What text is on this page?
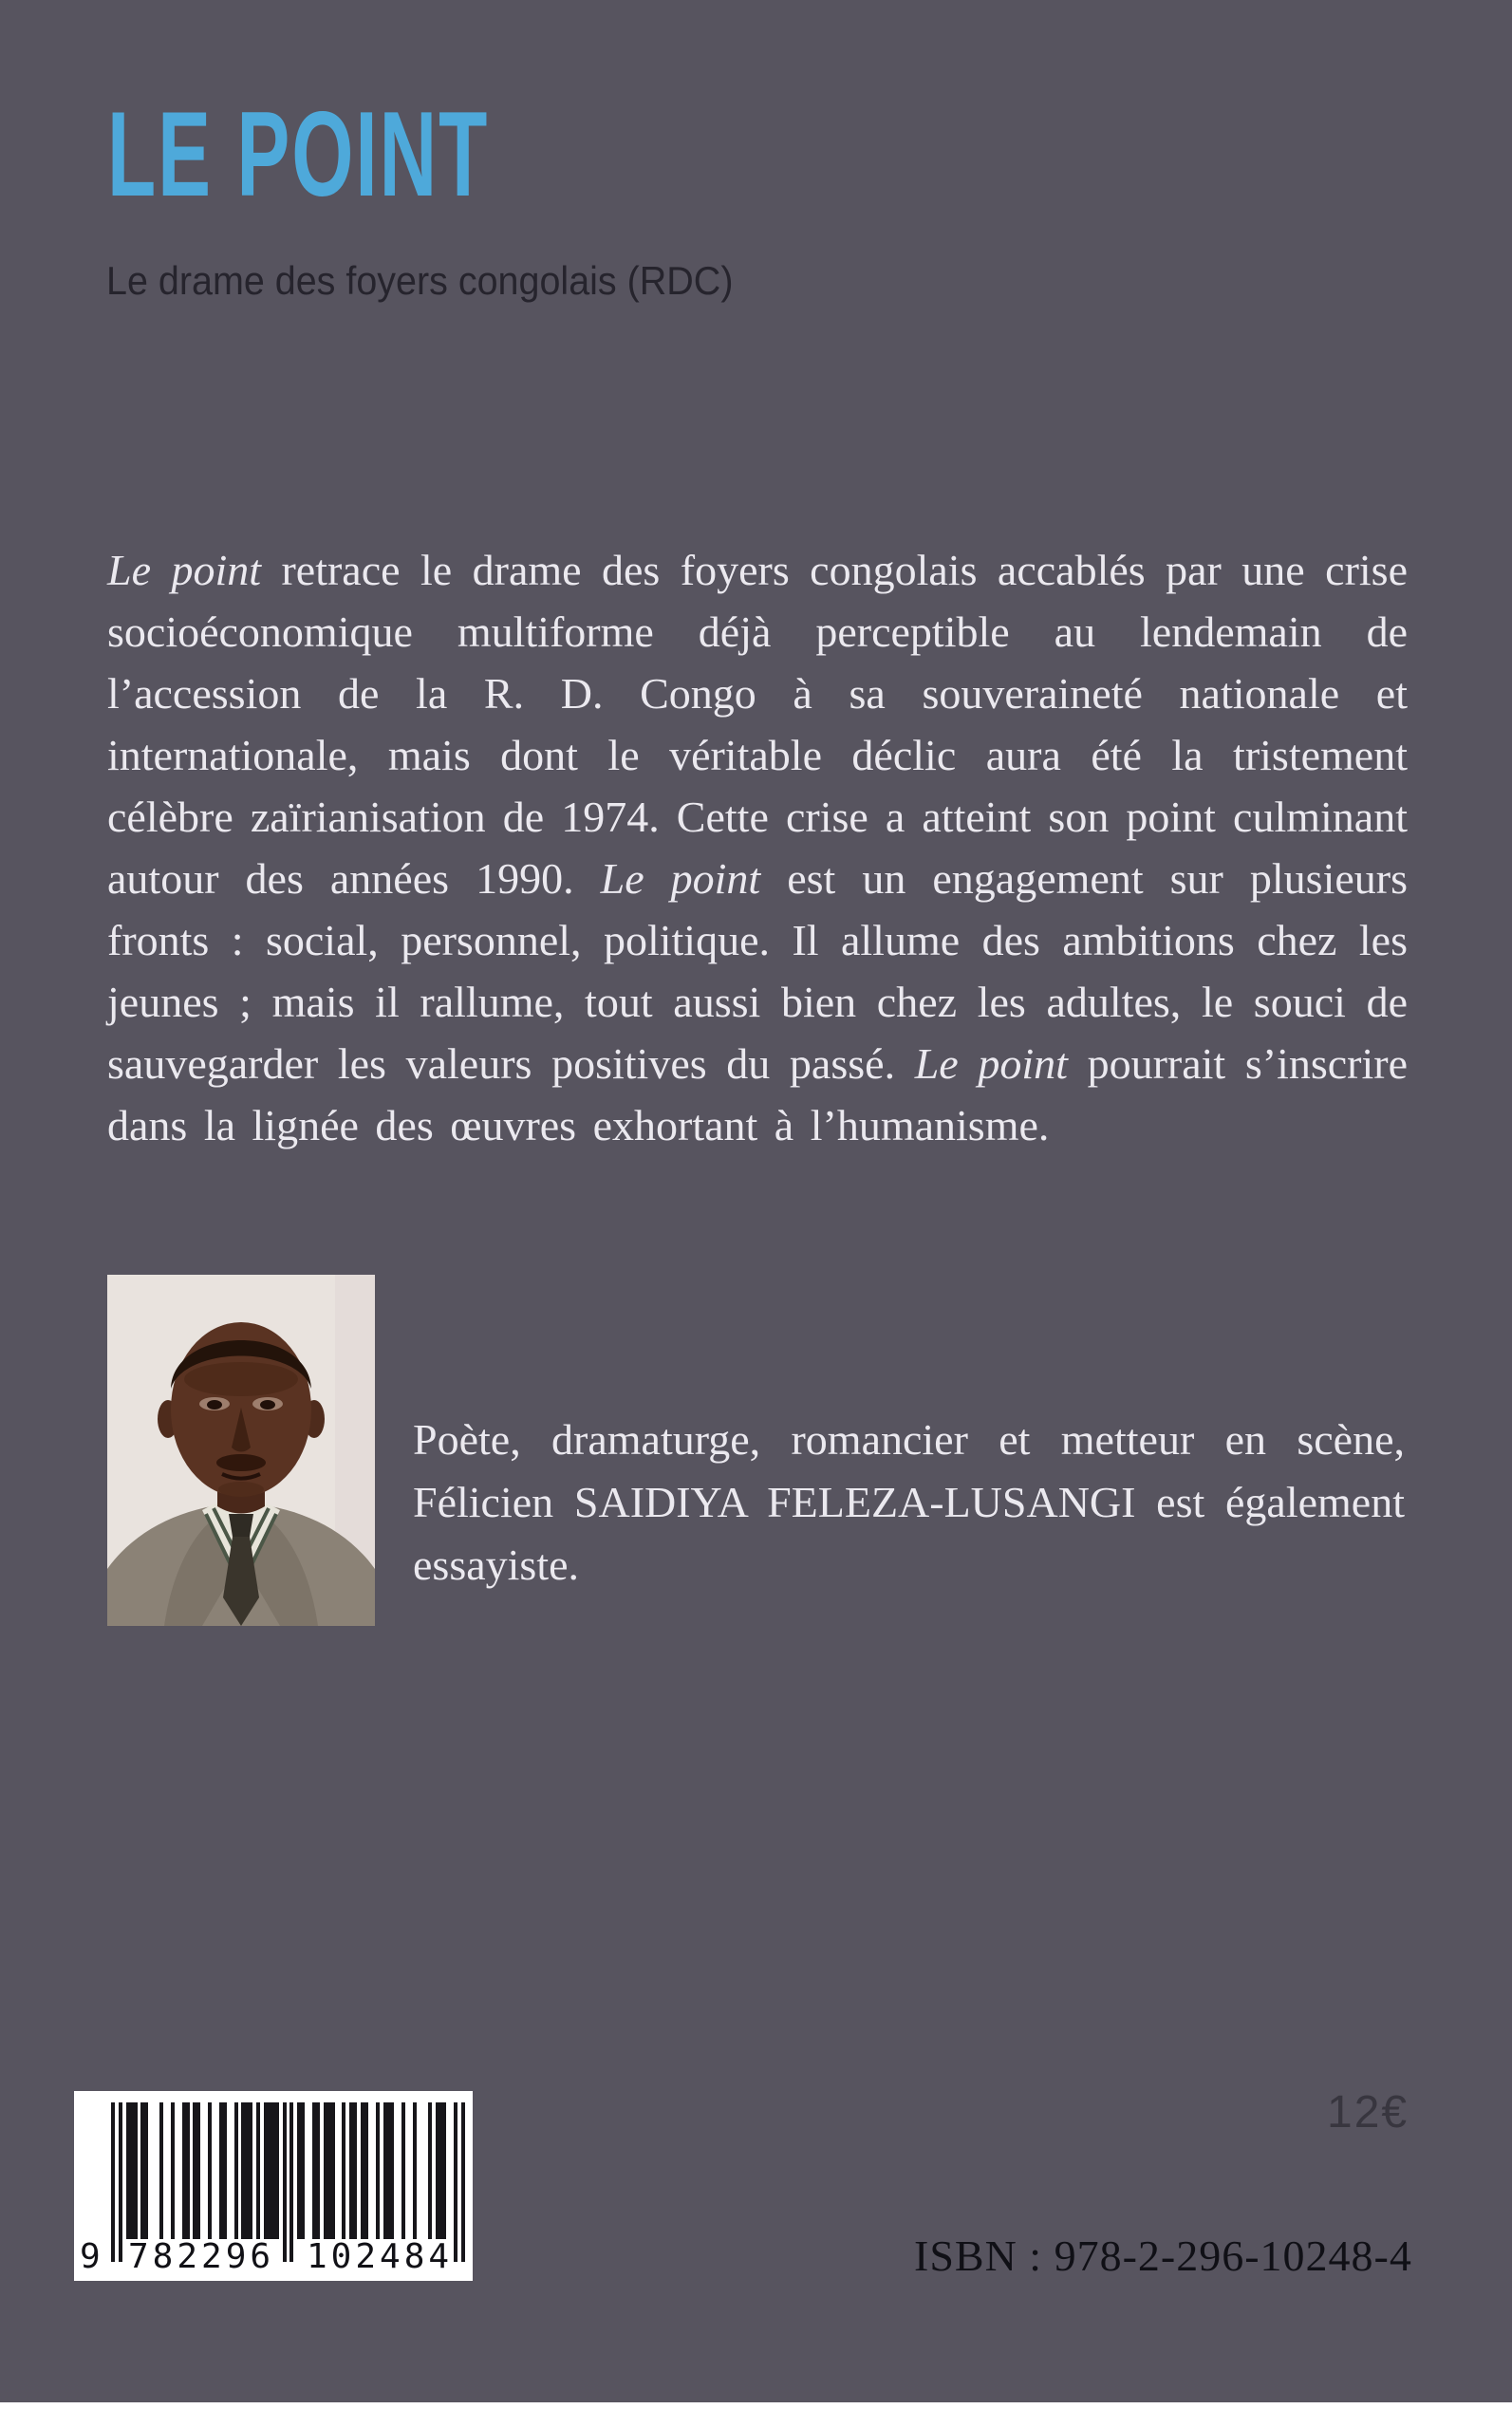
LE POINT
Le drame des foyers congolais (RDC)

Le point retrace le drame des foyers congolais accablés par une crise socioéconomique multiforme déjà perceptible au lendemain de l’accession de la R. D. Congo à sa souveraineté nationale et internationale, mais dont le véritable déclic aura été la tristement célèbre zaïrianisation de 1974. Cette crise a atteint son point culminant autour des années 1990. Le point est un engagement sur plusieurs fronts : social, personnel, politique. Il allume des ambitions chez les jeunes ; mais il rallume, tout aussi bien chez les adultes, le souci de sauvegarder les valeurs positives du passé. Le point pourrait s’inscrire dans la lignée des œuvres exhortant à l’humanisme.

Poète, dramaturge, romancier et metteur en scène, Félicien SAIDIYA FELEZA-LUSANGI est également essayiste.

12€
9 782296 102484	ISBN : 978-2-296-10248-4
